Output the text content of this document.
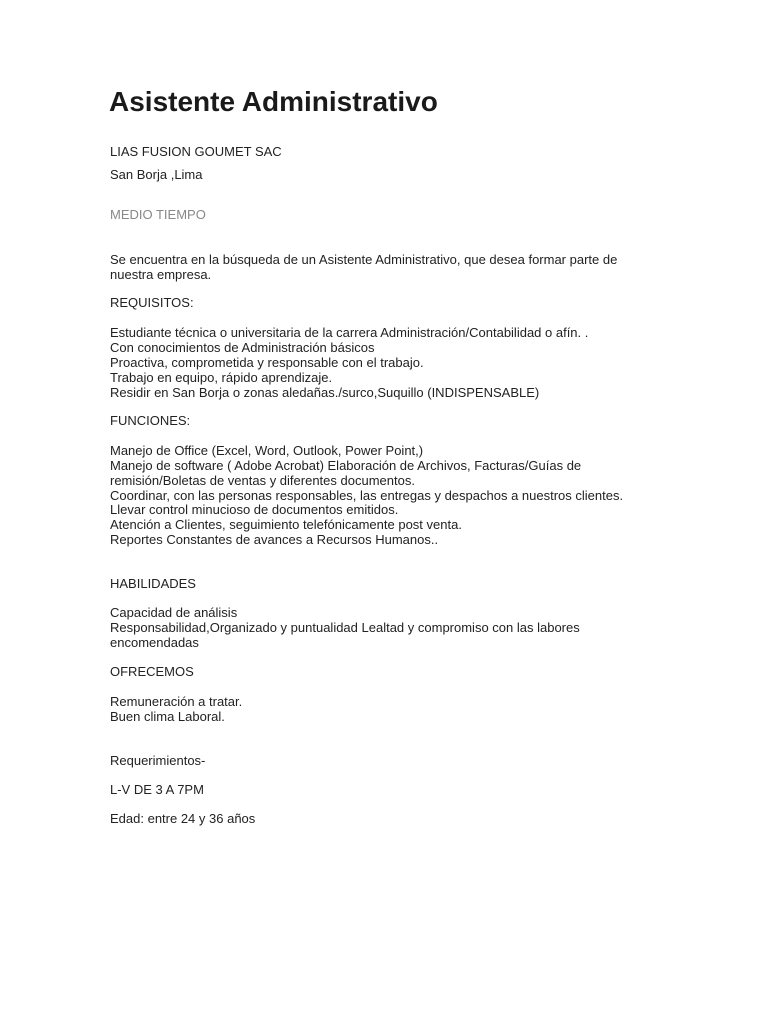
Asistente Administrativo
LIAS FUSION GOUMET SAC
San Borja ,Lima
MEDIO TIEMPO
Se encuentra en la búsqueda de un Asistente Administrativo, que desea formar parte de
nuestra empresa.
REQUISITOS:
Estudiante técnica o universitaria de la carrera Administración/Contabilidad o afín. .
Con conocimientos de Administración básicos
Proactiva, comprometida y responsable con el trabajo.
Trabajo en equipo, rápido aprendizaje.
Residir en San Borja o zonas aledañas./surco,Suquillo (INDISPENSABLE)
FUNCIONES:
Manejo de Office (Excel, Word, Outlook, Power Point,)
Manejo de software ( Adobe Acrobat) Elaboración de Archivos, Facturas/Guías de
remisión/Boletas de ventas y diferentes documentos.
Coordinar, con las personas responsables, las entregas y despachos a nuestros clientes.
Llevar control minucioso de documentos emitidos.
Atención a Clientes, seguimiento telefónicamente post venta.
Reportes Constantes de avances a Recursos Humanos..
HABILIDADES
Capacidad de análisis
Responsabilidad,Organizado y puntualidad Lealtad y compromiso con las labores
encomendadas
OFRECEMOS
Remuneración a tratar.
Buen clima Laboral.
Requerimientos-
L-V DE 3 A 7PM
Edad: entre 24 y 36 años
